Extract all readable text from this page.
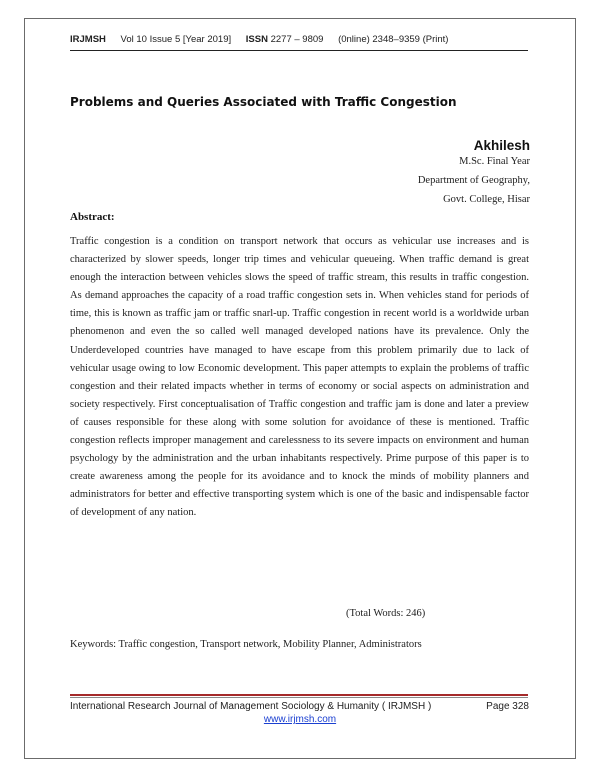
IRJMSH Vol 10 Issue 5 [Year 2019] ISSN 2277 – 9809 (0nline) 2348–9359 (Print)
Problems and Queries Associated with Traffic Congestion
Akhilesh
M.Sc. Final Year
Department of Geography,
Govt. College, Hisar
Abstract:

Traffic congestion is a condition on transport network that occurs as vehicular use increases and is characterized by slower speeds, longer trip times and vehicular queueing. When traffic demand is great enough the interaction between vehicles slows the speed of traffic stream, this results in traffic congestion. As demand approaches the capacity of a road traffic congestion sets in. When vehicles stand for periods of time, this is known as traffic jam or traffic snarl-up. Traffic congestion in recent world is a worldwide urban phenomenon and even the so called well managed developed nations have its prevalence. Only the Underdeveloped countries have managed to have escape from this problem primarily due to lack of vehicular usage owing to low Economic development. This paper attempts to explain the problems of traffic congestion and their related impacts whether in terms of economy or social aspects on administration and society respectively. First conceptualisation of Traffic congestion and traffic jam is done and later a preview of causes responsible for these along with some solution for avoidance of these is mentioned. Traffic congestion reflects improper management and carelessness to its severe impacts on environment and human psychology by the administration and the urban inhabitants respectively. Prime purpose of this paper is to create awareness among the people for its avoidance and to knock the minds of mobility planners and administrators for better and effective transporting system which is one of the basic and indispensable factor of development of any nation.

(Total Words: 246)
Keywords: Traffic congestion, Transport network, Mobility Planner, Administrators
International Research Journal of Management Sociology & Humanity ( IRJMSH )	Page 328
www.irjmsh.com
